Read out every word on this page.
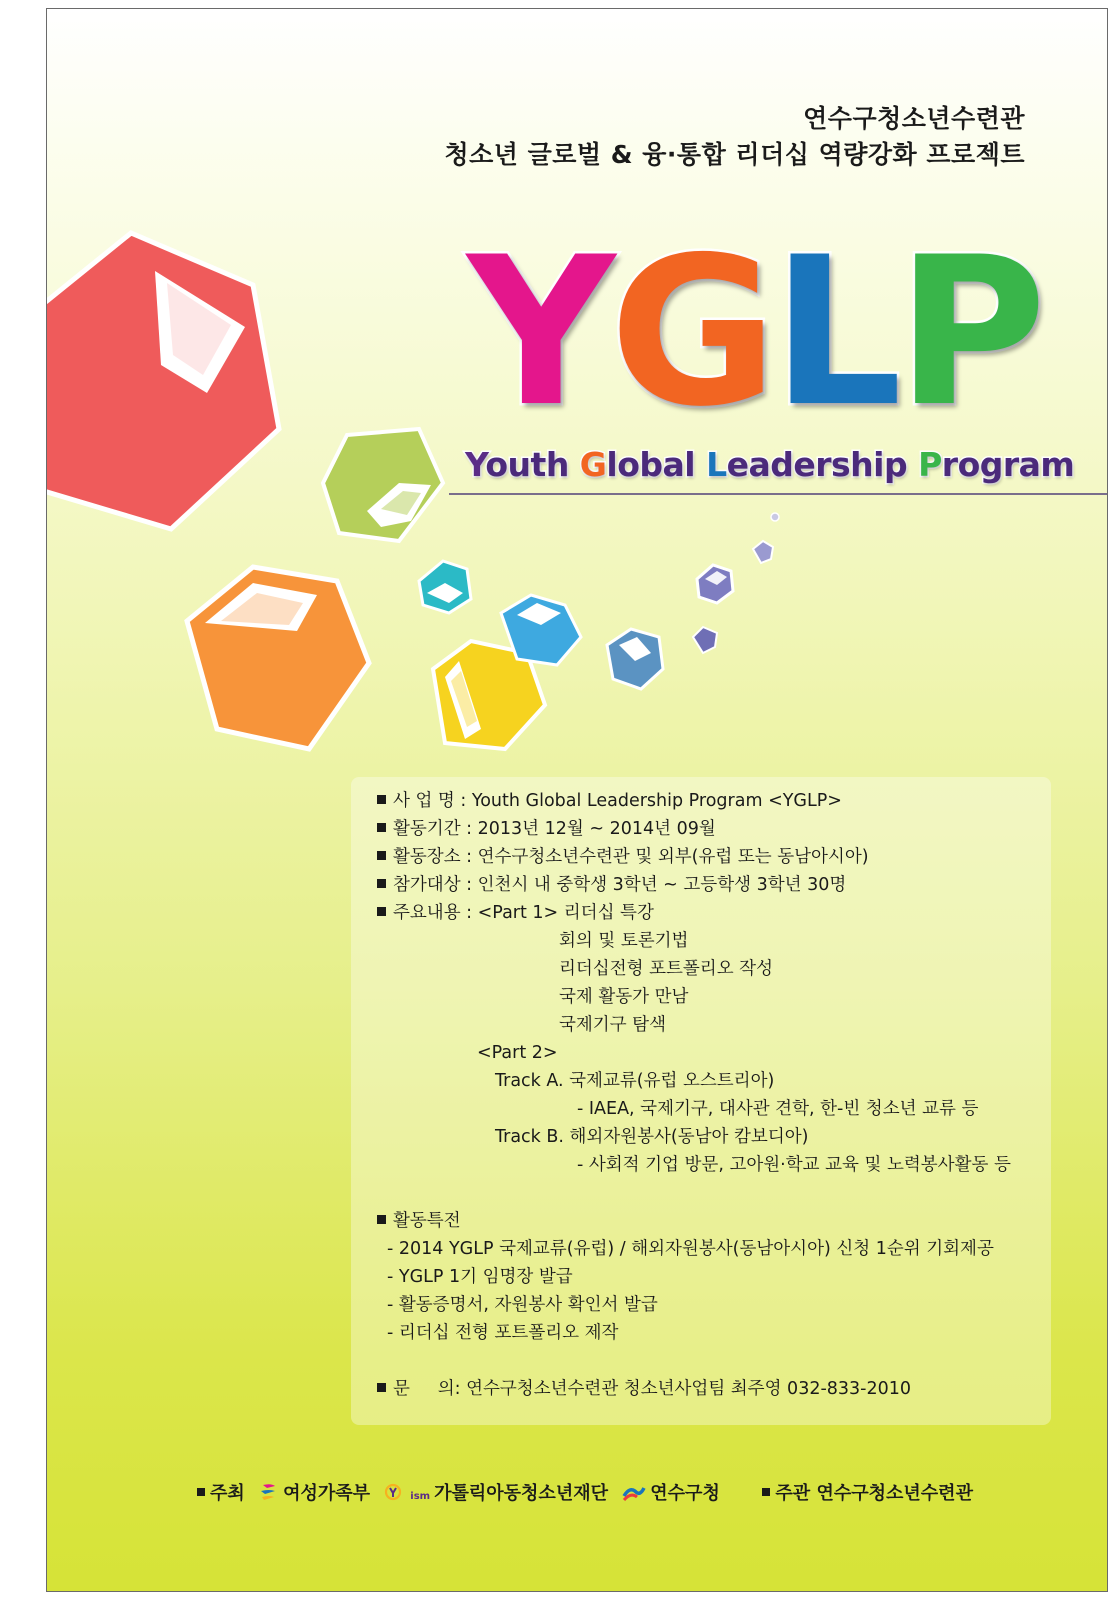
연수구청소년수련관
청소년 글로벌 & 융·통합 리더십 역량강화 프로젝트
YGLP
Youth Global Leadership Program
사 업 명 : Youth Global Leadership Program <YGLP>
활동기간 : 2013년 12월 ~ 2014년 09월
활동장소 : 연수구청소년수련관 및 외부(유럽 또는 동남아시아)
참가대상 : 인천시 내 중학생 3학년 ~ 고등학생 3학년 30명
주요내용 : <Part 1> 리더십 특강
회의 및 토론기법
리더십전형 포트폴리오 작성
국제 활동가 만남
국제기구 탐색
<Part 2>
Track A. 국제교류(유럽 오스트리아)
- IAEA, 국제기구, 대사관 견학, 한-빈 청소년 교류 등
Track B. 해외자원봉사(동남아 캄보디아)
- 사회적 기업 방문, 고아원·학교 교육 및 노력봉사활동 등
활동특전
- 2014 YGLP 국제교류(유럽) / 해외자원봉사(동남아시아) 신청 1순위 기회제공
- YGLP 1기 임명장 발급
- 활동증명서, 자원봉사 확인서 발급
- 리더십 전형 포트폴리오 제작
문     의: 연수구청소년수련관 청소년사업팀 최주영 032-833-2010
주최 여성가족부	ism 가톨릭아동청소년재단 연수구청	주관 연수구청소년수련관
